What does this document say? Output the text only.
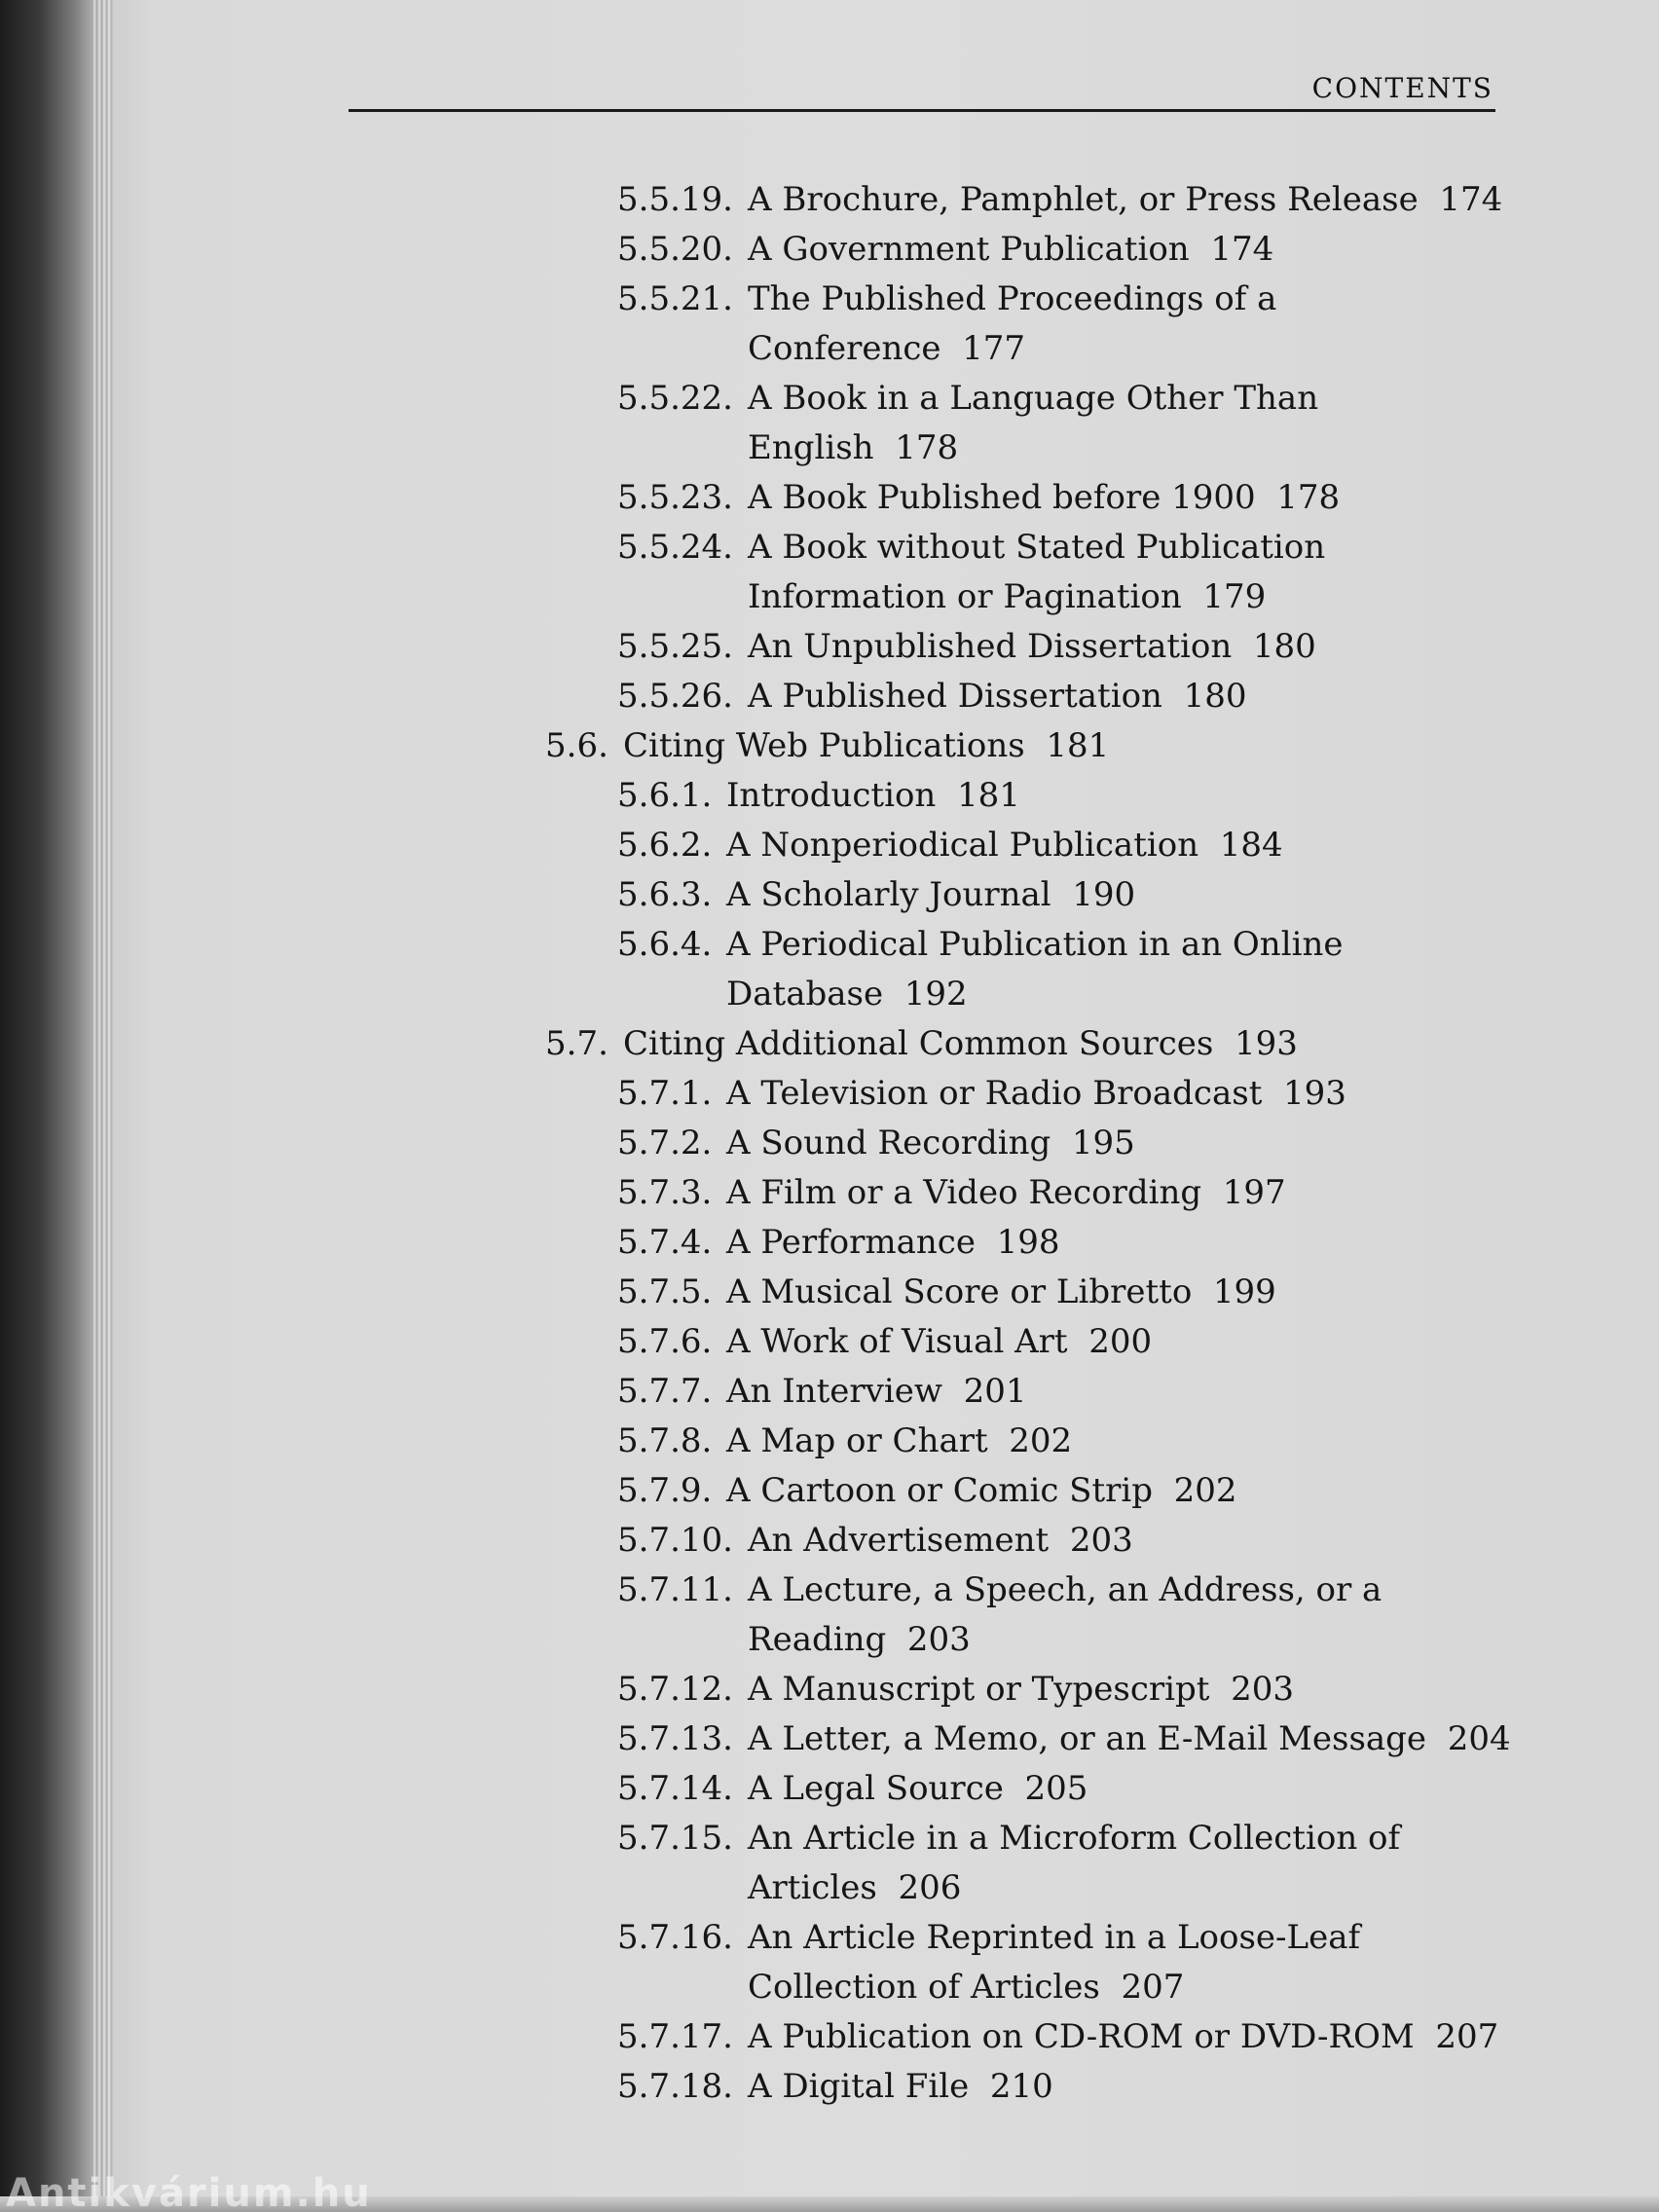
CONTENTS
5.5.19. A Brochure, Pamphlet, or Press Release 174
5.5.20. A Government Publication 174
5.5.21. The Published Proceedings of a
Conference 177
5.5.22. A Book in a Language Other Than
English 178
5.5.23. A Book Published before 1900 178
5.5.24. A Book without Stated Publication
Information or Pagination 179
5.5.25. An Unpublished Dissertation 180
5.5.26. A Published Dissertation 180
5.6. Citing Web Publications 181
5.6.1. Introduction 181
5.6.2. A Nonperiodical Publication 184
5.6.3. A Scholarly Journal 190
5.6.4. A Periodical Publication in an Online
Database 192
5.7. Citing Additional Common Sources 193
5.7.1. A Television or Radio Broadcast 193
5.7.2. A Sound Recording 195
5.7.3. A Film or a Video Recording 197
5.7.4. A Performance 198
5.7.5. A Musical Score or Libretto 199
5.7.6. A Work of Visual Art 200
5.7.7. An Interview 201
5.7.8. A Map or Chart 202
5.7.9. A Cartoon or Comic Strip 202
5.7.10. An Advertisement 203
5.7.11. A Lecture, a Speech, an Address, or a
Reading 203
5.7.12. A Manuscript or Typescript 203
5.7.13. A Letter, a Memo, or an E-Mail Message 204
5.7.14. A Legal Source 205
5.7.15. An Article in a Microform Collection of
Articles 206
5.7.16. An Article Reprinted in a Loose-Leaf
Collection of Articles 207
5.7.17. A Publication on CD-ROM or DVD-ROM 207
5.7.18. A Digital File 210
Antikvárium.hu
